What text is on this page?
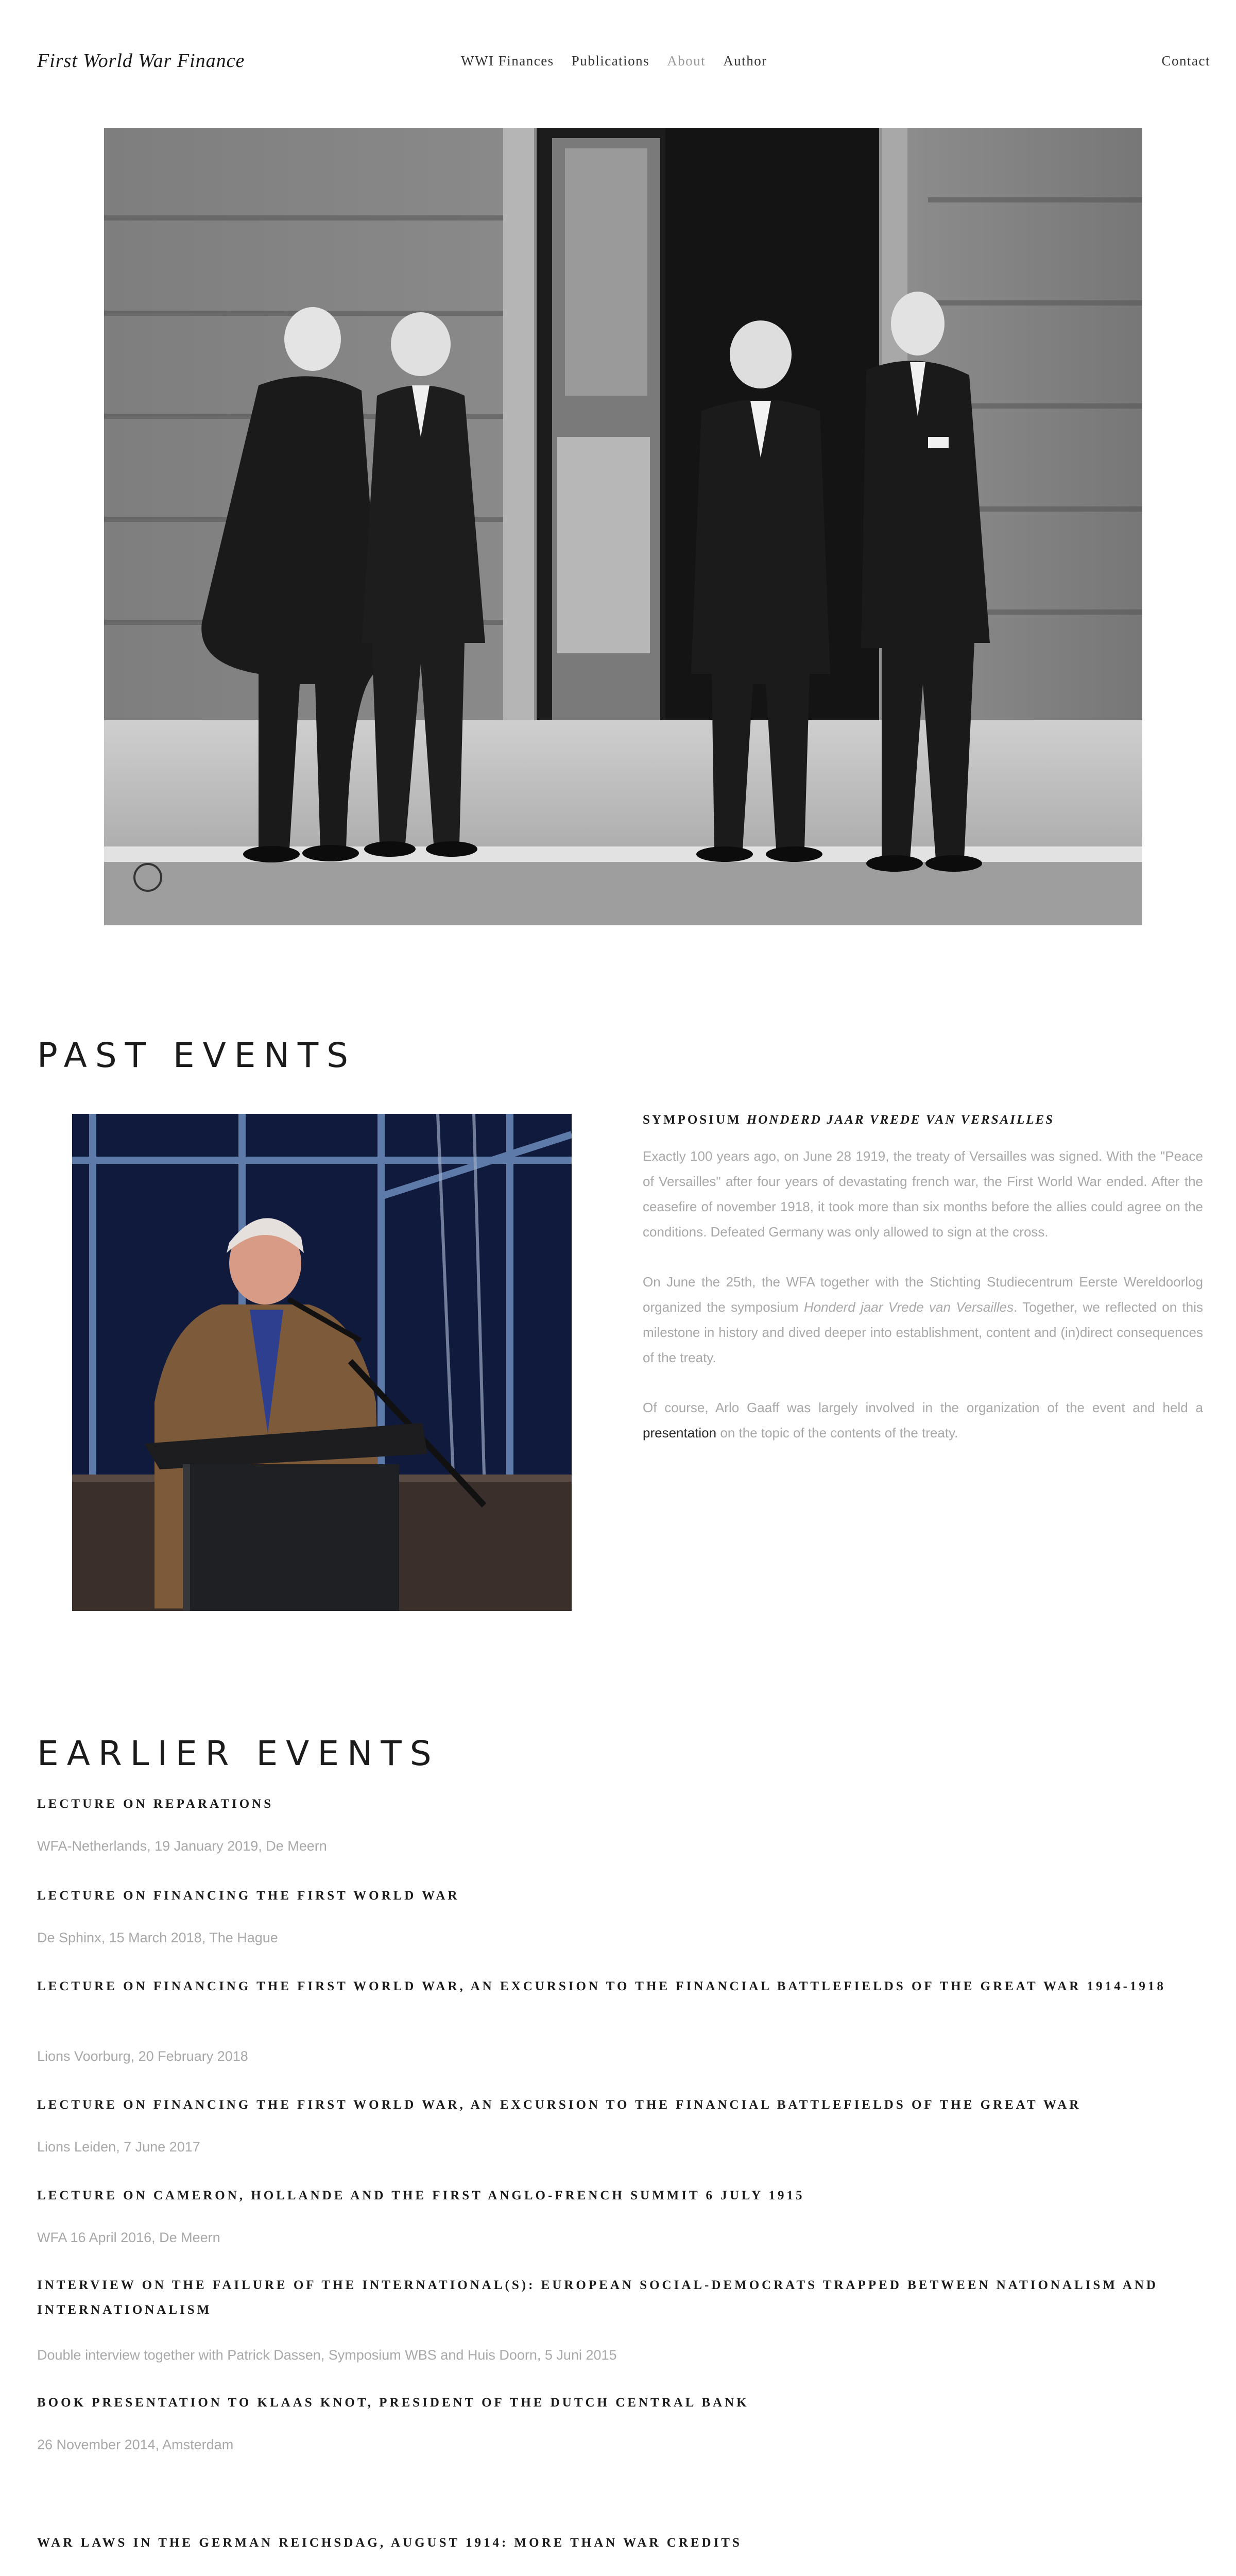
First World War Finance	WWI Finances Publications About Author	Contact
PAST EVENTS
SYMPOSIUM HONDERD JAAR VREDE VAN VERSAILLES

Exactly 100 years ago, on June 28 1919, the treaty of Versailles was signed. With the "Peace of Versailles" after four years of devastating french war, the First World War ended. After the ceasefire of november 1918, it took more than six months before the allies could agree on the conditions. Defeated Germany was only allowed to sign at the cross.

On June the 25th, the WFA together with the Stichting Studiecentrum Eerste Wereldoorlog organized the symposium Honderd jaar Vrede van Versailles. Together, we reflected on this milestone in history and dived deeper into establishment, content and (in)direct consequences of the treaty.

Of course, Arlo Gaaff was largely involved in the organization of the event and held a presentation on the topic of the contents of the treaty.

EARLIER EVENTS
LECTURE ON REPARATIONS

WFA-Netherlands, 19 January 2019, De Meern

LECTURE ON FINANCING THE FIRST WORLD WAR

De Sphinx, 15 March 2018, The Hague

LECTURE ON FINANCING THE FIRST WORLD WAR, AN EXCURSION TO THE FINANCIAL BATTLEFIELDS OF THE GREAT WAR 1914-1918

Lions Voorburg, 20 February 2018

LECTURE ON FINANCING THE FIRST WORLD WAR, AN EXCURSION TO THE FINANCIAL BATTLEFIELDS OF THE GREAT WAR

Lions Leiden, 7 June 2017

LECTURE ON CAMERON, HOLLANDE AND THE FIRST ANGLO-FRENCH SUMMIT 6 JULY 1915

WFA 16 April 2016, De Meern

INTERVIEW ON THE FAILURE OF THE INTERNATIONAL(S): EUROPEAN SOCIAL-DEMOCRATS TRAPPED BETWEEN NATIONALISM AND INTERNATIONALISM

Double interview together with Patrick Dassen, Symposium WBS and Huis Doorn, 5 Juni 2015

BOOK PRESENTATION TO KLAAS KNOT, PRESIDENT OF THE DUTCH CENTRAL BANK

26 November 2014, Amsterdam

WAR LAWS IN THE GERMAN REICHSDAG, AUGUST 1914: MORE THAN WAR CREDITS
